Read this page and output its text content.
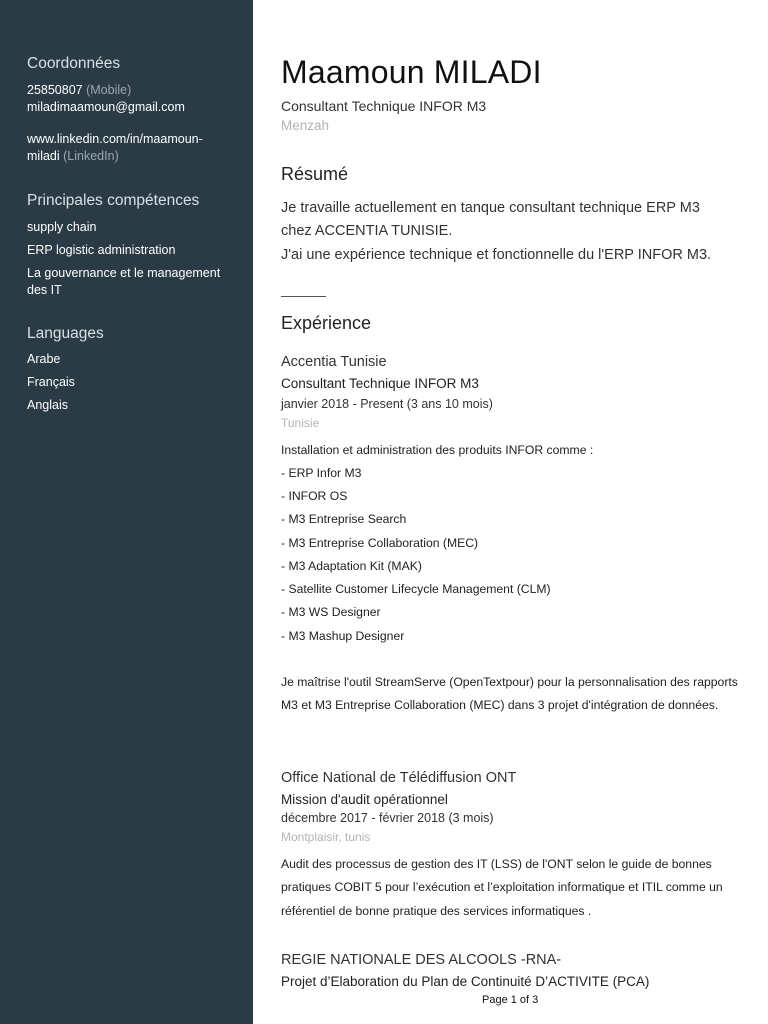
Coordonnées
25850807 (Mobile)
miladimaamoun@gmail.com
www.linkedin.com/in/maamoun-
miladi (LinkedIn)
Principales compétences
supply chain
ERP logistic administration
La gouvernance et le management
des IT
Languages
Arabe
Français
Anglais
Maamoun MILADI
Consultant Technique INFOR M3
Menzah
Résumé
Je travaille actuellement en tanque consultant technique ERP M3
chez ACCENTIA TUNISIE.
J'ai une expérience technique et fonctionnelle du l'ERP INFOR M3.
Expérience
Accentia Tunisie
Consultant Technique INFOR M3
janvier 2018 - Present (3 ans 10 mois)
Tunisie
Installation et administration des produits INFOR comme :
- ERP Infor M3
- INFOR OS
- M3 Entreprise Search
- M3 Entreprise Collaboration (MEC)
- M3 Adaptation Kit (MAK)
- Satellite Customer Lifecycle Management (CLM)
- M3 WS Designer
- M3 Mashup Designer
Je maîtrise l'outil StreamServe (OpenTextpour) pour la personnalisation des rapports M3 et M3 Entreprise Collaboration (MEC) dans 3 projet d'intégration de données.
Office National de Télédiffusion ONT
Mission d'audit opérationnel
décembre 2017 - février 2018 (3 mois)
Montplaisir, tunis
Audit des processus de gestion des IT (LSS) de l'ONT selon le guide de bonnes pratiques COBIT 5 pour l’exécution et l’exploitation informatique et ITIL comme un référentiel de bonne pratique des services informatiques .
REGIE NATIONALE DES ALCOOLS -RNA-
Projet d’Elaboration du Plan de Continuité D’ACTIVITE (PCA)
Page 1 of 3
